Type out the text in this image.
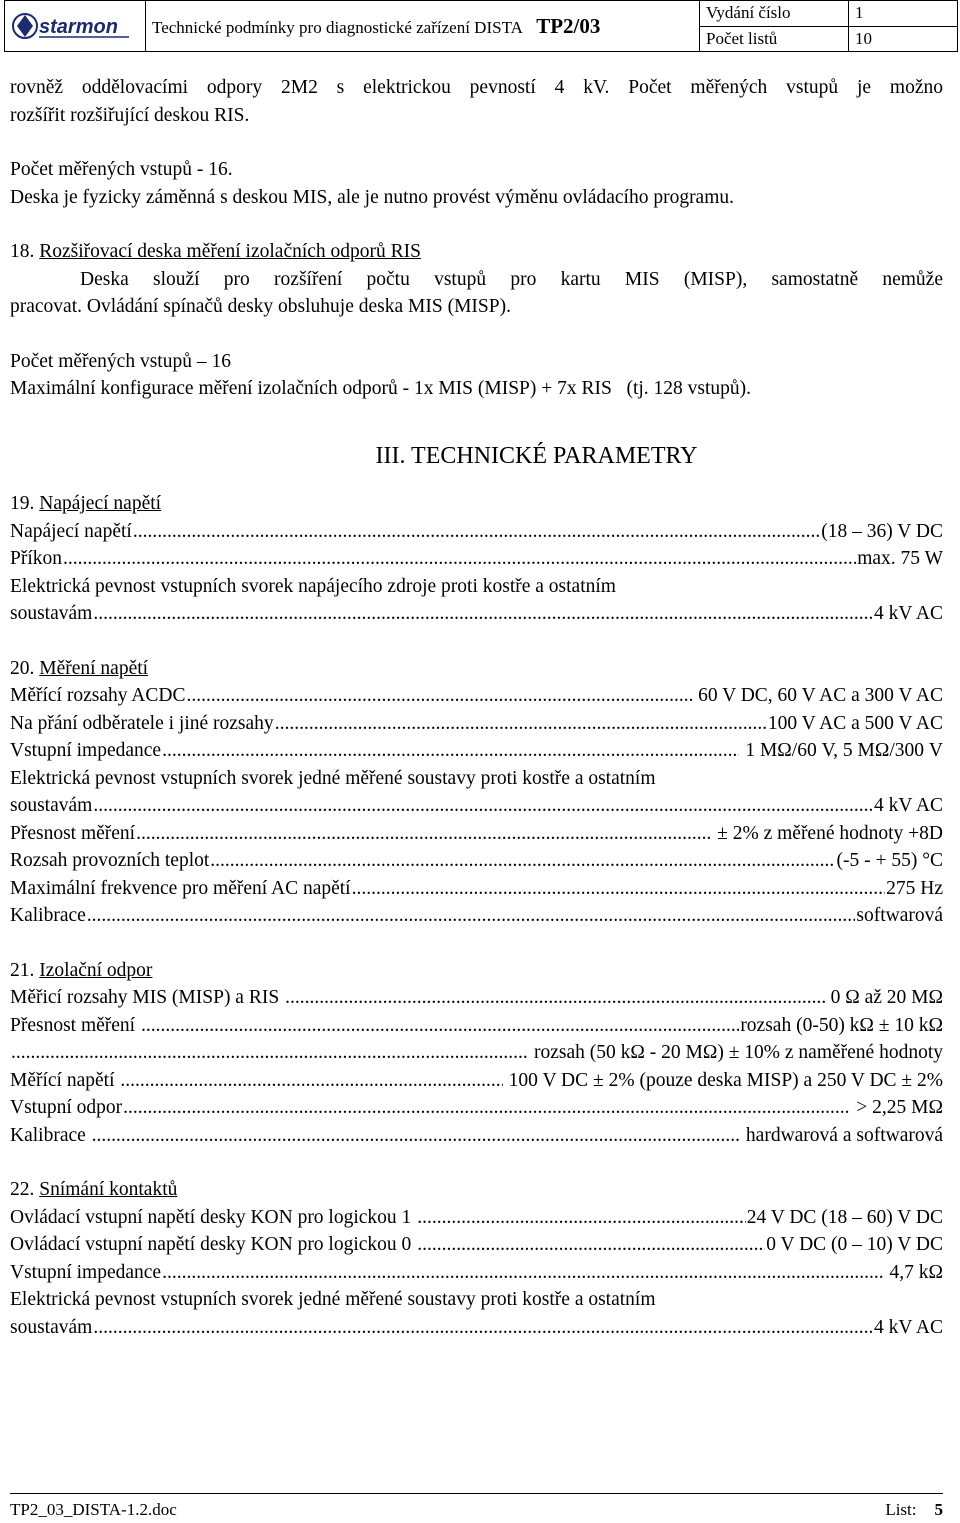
starmon	Technické podmínky pro diagnostické zařízení DISTA TP2/03	Vydání číslo	1
		Počet listů	10

rovněž oddělovacími odpory 2M2 s elektrickou pevností 4 kV. Počet měřených vstupů je možno

rozšířit rozšiřující deskou RIS.

Počet měřených vstupů - 16.

Deska je fyzicky záměnná s deskou MIS, ale je nutno provést výměnu ovládacího programu.

18. Rozšiřovací deska měření izolačních odporů RIS

Deska slouží pro rozšíření počtu vstupů pro kartu MIS (MISP), samostatně nemůže

pracovat. Ovládání spínačů desky obsluhuje deska MIS (MISP).

Počet měřených vstupů – 16

Maximální konfigurace měření izolačních odporů - 1x MIS (MISP) + 7x RIS   (tj. 128 vstupů).

III. TECHNICKÉ PARAMETRY

19. Napájecí napětí

Napájecí napětí .....	(18 – 36) V DC
Příkon .....	max. 75 W

Elektrická pevnost vstupních svorek napájecího zdroje proti kostře a ostatním

soustavám .....	4 kV AC

20. Měření napětí

Měřící rozsahy ACDC .....	60 V DC, 60 V AC a 300 V AC
Na přání odběratele i jiné rozsahy .....	100 V AC a 500 V AC
Vstupní impedance .....	1 MΩ/60 V, 5 MΩ/300 V

Elektrická pevnost vstupních svorek jedné měřené soustavy proti kostře a ostatním

soustavám .....	4 kV AC
Přesnost měření .....	± 2% z měřené hodnoty +8D
Rozsah provozních teplot .....	(-5 - + 55) °C
Maximální frekvence pro měření AC napětí .....	275 Hz
Kalibrace .....	softwarová

21. Izolační odpor

Měřicí rozsahy MIS (MISP) a RIS .....	0 Ω až 20 MΩ
Přesnost měření .....	rozsah (0-50) kΩ ± 10 kΩ
.....
rozsah (50 kΩ - 20 MΩ) ± 10% z naměřené hodnoty
Měřící napětí .....	100 V DC ± 2% (pouze deska MISP) a 250 V DC ± 2%
Vstupní odpor .....	> 2,25 MΩ
Kalibrace .....	hardwarová a softwarová

22. Snímání kontaktů

Ovládací vstupní napětí desky KON pro logickou 1 .....	24 V DC (18 – 60) V DC
Ovládací vstupní napětí desky KON pro logickou 0 .....	0 V DC (0 – 10) V DC
Vstupní impedance .....	4,7 kΩ

Elektrická pevnost vstupních svorek jedné měřené soustavy proti kostře a ostatním

soustavám .....	4 kV AC
TP2_03_DISTA-1.2.doc	List: 5
